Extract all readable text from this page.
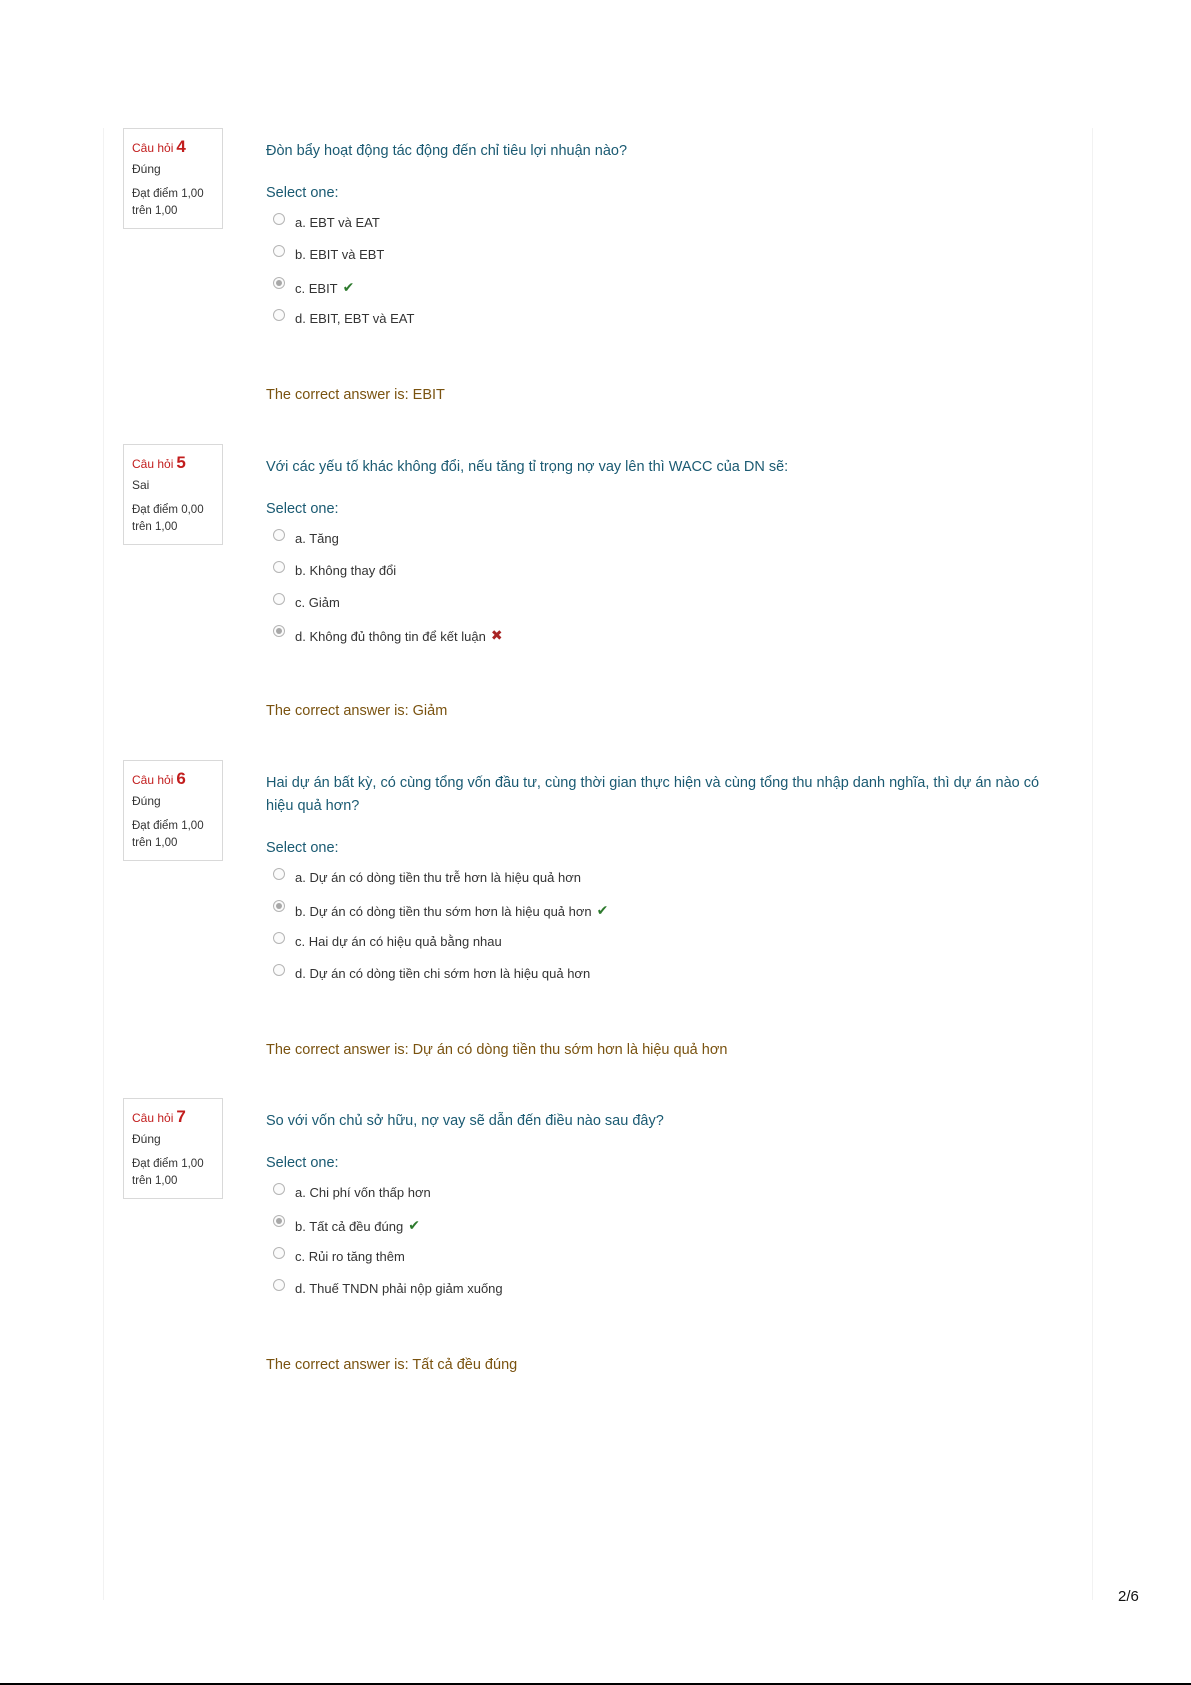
Câu hỏi 4
Đúng
Đạt điểm 1,00 trên 1,00
Đòn bẩy hoạt động tác động đến chỉ tiêu lợi nhuận nào?
Select one:
a. EBT và EAT
b. EBIT và EBT
c. EBIT ✔
d. EBIT, EBT và EAT
The correct answer is: EBIT
Câu hỏi 5
Sai
Đạt điểm 0,00 trên 1,00
Với các yếu tố khác không đổi, nếu tăng tỉ trọng nợ vay lên thì WACC của DN sẽ:
Select one:
a. Tăng
b. Không thay đổi
c. Giảm
d. Không đủ thông tin để kết luận ✖
The correct answer is: Giảm
Câu hỏi 6
Đúng
Đạt điểm 1,00 trên 1,00
Hai dự án bất kỳ, có cùng tổng vốn đầu tư, cùng thời gian thực hiện và cùng tổng thu nhập danh nghĩa, thì dự án nào có hiệu quả hơn?
Select one:
a. Dự án có dòng tiền thu trễ hơn là hiệu quả hơn
b. Dự án có dòng tiền thu sớm hơn là hiệu quả hơn ✔
c. Hai dự án có hiệu quả bằng nhau
d. Dự án có dòng tiền chi sớm hơn là hiệu quả hơn
The correct answer is: Dự án có dòng tiền thu sớm hơn là hiệu quả hơn
Câu hỏi 7
Đúng
Đạt điểm 1,00 trên 1,00
So với vốn chủ sở hữu, nợ vay sẽ dẫn đến điều nào sau đây?
Select one:
a. Chi phí vốn thấp hơn
b. Tất cả đều đúng ✔
c. Rủi ro tăng thêm
d. Thuế TNDN phải nộp giảm xuống
The correct answer is: Tất cả đều đúng
2/6
